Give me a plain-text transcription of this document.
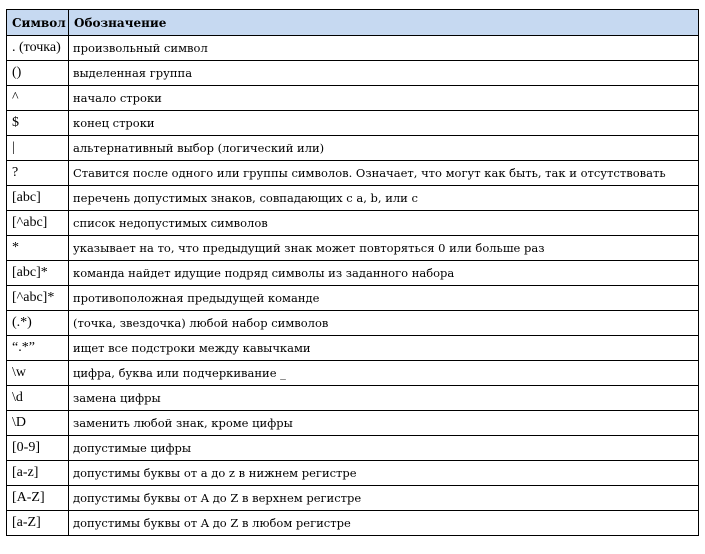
Символ	Обозначение
. (точка)	произвольный символ
()	выделенная группа
^	начало строки
$	конец строки
|	альтернативный выбор (логический или)
?	Ставится после одного или группы символов. Означает, что могут как быть, так и отсутствовать
[abc]	перечень допустимых знаков, совпадающих с a, b, или с
[^abc]	список недопустимых символов
*	указывает на то, что предыдущий знак может повторяться 0 или больше раз
[abc]*	команда найдет идущие подряд символы из заданного набора
[^abc]*	противоположная предыдущей команде
(.*)	(точка, звездочка) любой набор символов
“.*”	ищет все подстроки между кавычками
\w	цифра, буква или подчеркивание _
\d	замена цифры
\D	заменить любой знак, кроме цифры
[0-9]	допустимые цифры
[a-z]	допустимы буквы от a до z в нижнем регистре
[A-Z]	допустимы буквы от A до Z в верхнем регистре
[a-Z]	допустимы буквы от A до Z в любом регистре
